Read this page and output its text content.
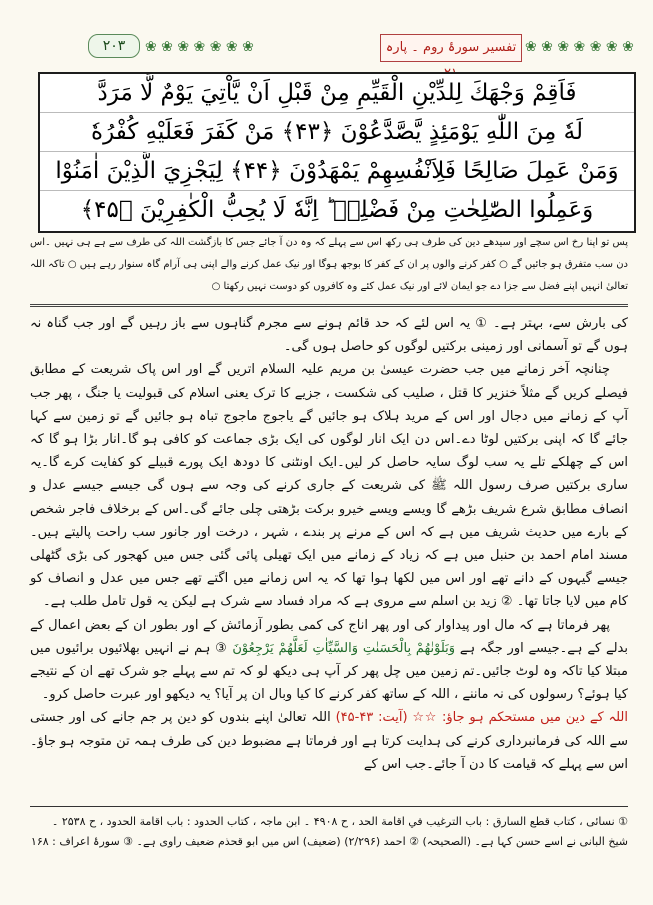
۲۰۳	❀ ❀ ❀ ❀ ❀ ❀ ❀	تفسیر سورۂ روم ۔ پارہ	❀ ❀ ❀ ❀ ❀ ❀ ❀
فَاَقِمْ وَجْهَكَ لِلدِّيْنِ الْقَيِّمِ مِنْ قَبْلِ اَنْ يَّاْتِيَ يَوْمٌ لَّا مَرَدَّ
لَهٗ مِنَ اللّٰهِ يَوْمَئِذٍ يَّصَّدَّعُوْنَ ﴿۴۳﴾ مَنْ كَفَرَ فَعَلَيْهِ كُفْرُهٗ
وَمَنْ عَمِلَ صَالِحًا فَلِاَنْفُسِهِمْ يَمْهَدُوْنَ ﴿۴۴﴾ لِيَجْزِيَ الَّذِيْنَ اٰمَنُوْا
وَعَمِلُوا الصّٰلِحٰتِ مِنْ فَضْلِهٖ ؕ اِنَّهٗ لَا يُحِبُّ الْكٰفِرِيْنَ ﴿۴۵﴾
پس تو اپنا رخ اس سچے اور سیدھے دین کی طرف ہی رکھ اس سے پہلے کہ وہ دن آ جائے جس کا بازگشت اللہ کی طرف سے ہے ہی نہیں ۔اس دن سب متفرق ہو جائیں گے ○ کفر کرنے والوں پر ان کے کفر کا بوجھ ہوگا اور نیک عمل کرنے والے اپنی ہی آرام گاہ سنوار رہے ہیں ○ تاکہ اللہ تعالیٰ انہیں اپنے فضل سے جزا دے جو ایمان لائے اور نیک عمل کئے وہ کافروں کو دوست نہیں رکھتا ○

کی بارش سے، بہتر ہے۔ ① یہ اس لئے کہ حد قائم ہونے سے مجرم گناہوں سے باز رہیں گے اور جب گناہ نہ ہوں گے تو آسمانی اور زمینی برکتیں لوگوں کو حاصل ہوں گی۔

چنانچہ آخر زمانے میں جب حضرت عیسیٰ بن مریم علیہ السلام اتریں گے اور اس پاک شریعت کے مطابق فیصلے کریں گے مثلاً خنزیر کا قتل ، صلیب کی شکست ، جزیے کا ترک یعنی اسلام کی قبولیت یا جنگ ، پھر جب آپ کے زمانے میں دجال اور اس کے مرید ہلاک ہو جائیں گے یاجوج ماجوج تباہ ہو جائیں گے تو زمین سے کہا جائے گا کہ اپنی برکتیں لوٹا دے۔اس دن ایک انار لوگوں کی ایک بڑی جماعت کو کافی ہو گا۔انار بڑا ہو گا کہ اس کے چھلکے تلے یہ سب لوگ سایہ حاصل کر لیں۔ایک اونٹنی کا دودھ ایک پورے قبیلے کو کفایت کرے گا۔یہ ساری برکتیں صرف رسول اللہ ﷺ کی شریعت کے جاری کرنے کی وجہ سے ہوں گی جیسے جیسے عدل و انصاف مطابق شرع شریف بڑھے گا ویسے ویسے خیرو برکت بڑھتی چلی جائے گی۔اس کے برخلاف فاجر شخص کے بارے میں حدیث شریف میں ہے کہ اس کے مرنے پر بندے ، شہر ، درخت اور جانور سب راحت پالیتے ہیں۔مسند امام احمد بن حنبل میں ہے کہ زیاد کے زمانے میں ایک تھیلی پائی گئی جس میں کھجور کی بڑی گٹھلی جیسے گیہوں کے دانے تھے اور اس میں لکھا ہوا تھا کہ یہ اس زمانے میں اگتے تھے جس میں عدل و انصاف کو کام میں لایا جاتا تھا۔ ② زید بن اسلم سے مروی ہے کہ مراد فساد سے شرک ہے لیکن یہ قول تامل طلب ہے۔

پھر فرماتا ہے کہ مال اور پیداوار کی اور پھر اناج کی کمی بطور آزمائش کے اور بطور ان کے بعض اعمال کے بدلے کے ہے۔جیسے اور جگہ ہے وَبَلَوْنٰهُمْ بِالْحَسَنٰتِ وَالسَّيِّاٰتِ لَعَلَّهُمْ يَرْجِعُوْنَ ③ ہم نے انہیں بھلائیوں برائیوں میں مبتلا کیا تاکہ وہ لوٹ جائیں۔تم زمین میں چل پھر کر آپ ہی دیکھ لو کہ تم سے پہلے جو شرک تھے ان کے نتیجے کیا ہوئے؟ رسولوں کی نہ ماننے ، اللہ کے ساتھ کفر کرنے کا کیا وبال ان پر آیا؟ یہ دیکھو اور عبرت حاصل کرو۔

اللہ کے دین میں مستحکم ہو جاؤ: ☆☆ (آیت: ۴۳-۴۵) اللہ تعالیٰ اپنے بندوں کو دین پر جم جانے کی اور جستی سے اللہ کی فرمانبرداری کرنے کی ہدایت کرتا ہے اور فرماتا ہے مضبوط دین کی طرف ہمہ تن متوجہ ہو جاؤ۔اس سے پہلے کہ قیامت کا دن آ جائے۔جب اس کے

① نسائی ، کتاب قطع السارق : باب الترغيب في اقامة الحد ، ح ۴۹۰۸ ۔ ابن ماجہ ، کتاب الحدود : باب اقامة الحدود ، ح ۲۵۳۸ ۔

شیخ البانی نے اسے حسن کہا ہے۔ (الصحیحہ) ② احمد (۲/۲۹۶) (ضعیف) اس میں ابو قحذم ضعیف راوی ہے۔ ③ سورۂ اعراف : ۱۶۸
